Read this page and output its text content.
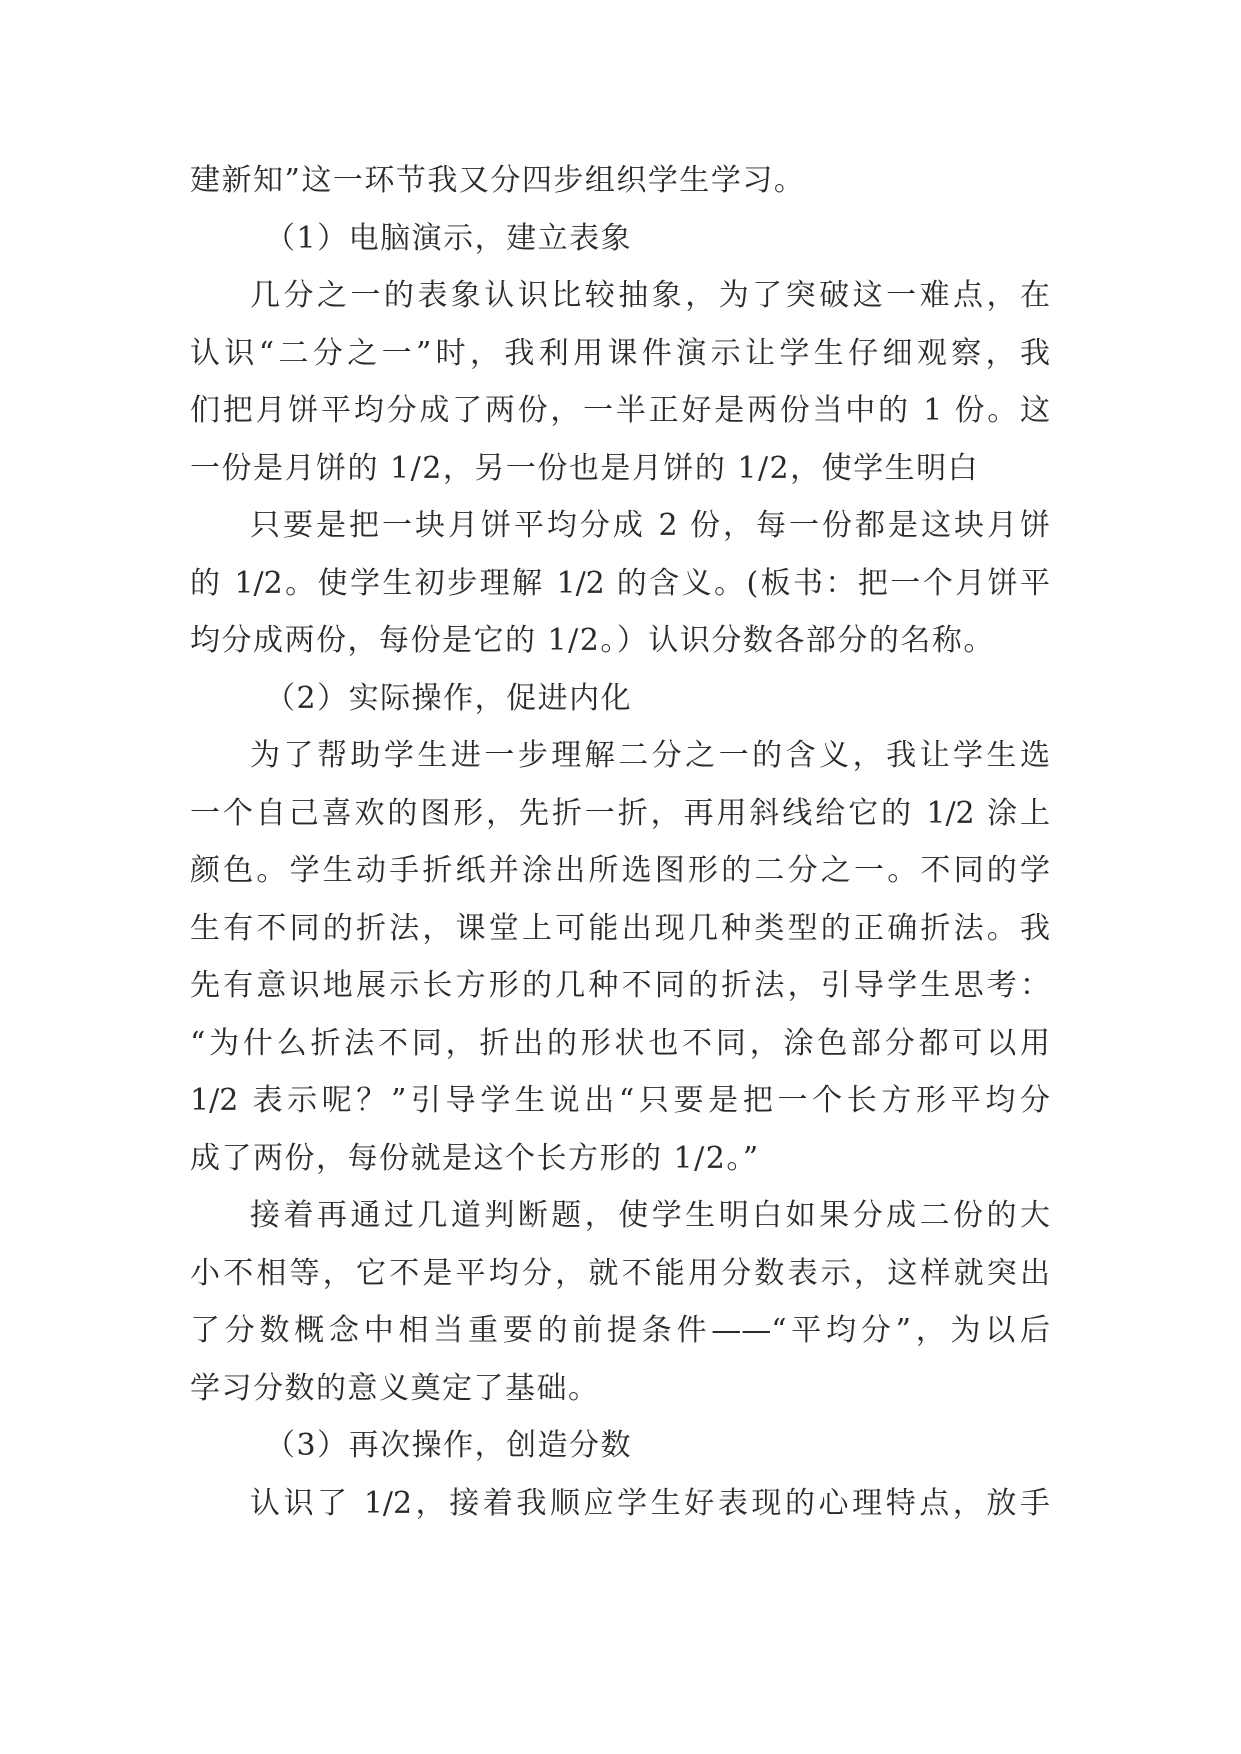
建新知”这一环节我又分四步组织学生学习。
（1）电脑演示，建立表象
几分之一的表象认识比较抽象，为了突破这一难点，在
认识“二分之一”时，我利用课件演示让学生仔细观察，我
们把月饼平均分成了两份，一半正好是两份当中的 1 份。这
一份是月饼的 1/2，另一份也是月饼的 1/2，使学生明白
只要是把一块月饼平均分成 2 份，每一份都是这块月饼
的 1/2。使学生初步理解 1/2 的含义。(板书：把一个月饼平
均分成两份，每份是它的 1/2。）认识分数各部分的名称。
（2）实际操作，促进内化
为了帮助学生进一步理解二分之一的含义，我让学生选
一个自己喜欢的图形，先折一折，再用斜线给它的 1/2 涂上
颜色。学生动手折纸并涂出所选图形的二分之一。不同的学
生有不同的折法，课堂上可能出现几种类型的正确折法。我
先有意识地展示长方形的几种不同的折法，引导学生思考：
“为什么折法不同，折出的形状也不同，涂色部分都可以用
1/2 表示呢？”引导学生说出“只要是把一个长方形平均分
成了两份，每份就是这个长方形的 1/2。”
接着再通过几道判断题，使学生明白如果分成二份的大
小不相等，它不是平均分，就不能用分数表示，这样就突出
了分数概念中相当重要的前提条件——“平均分”，为以后
学习分数的意义奠定了基础。
（3）再次操作，创造分数
认识了 1/2，接着我顺应学生好表现的心理特点，放手
